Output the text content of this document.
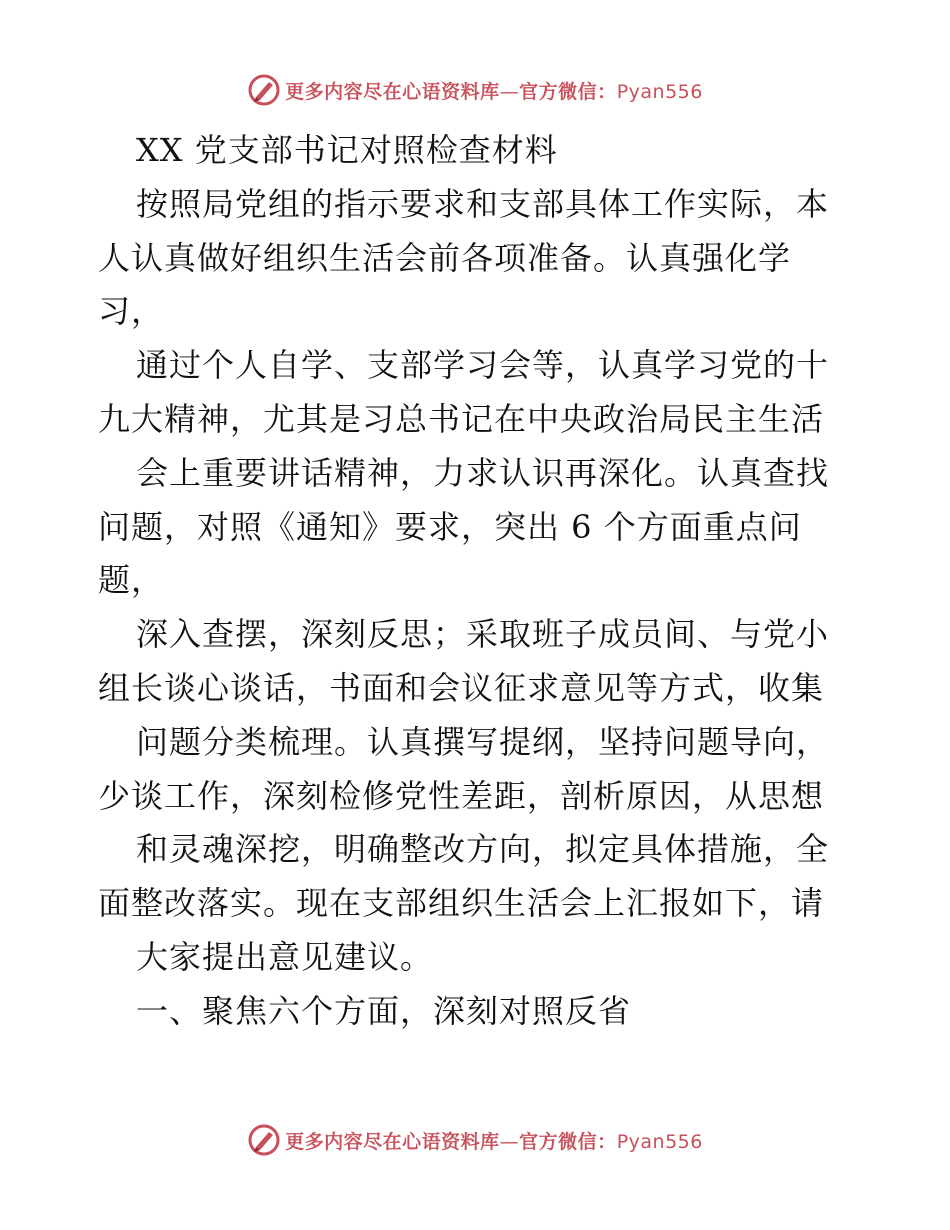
更多内容尽在心语资料库—官方微信：Pyan556
XX 党支部书记对照检查材料
按照局党组的指示要求和支部具体工作实际，本
人认真做好组织生活会前各项准备。认真强化学
习，
通过个人自学、支部学习会等，认真学习党的十
九大精神，尤其是习总书记在中央政治局民主生活
会上重要讲话精神，力求认识再深化。认真查找
问题，对照《通知》要求，突出 6 个方面重点问
题，
深入查摆，深刻反思；采取班子成员间、与党小
组长谈心谈话，书面和会议征求意见等方式，收集
问题分类梳理。认真撰写提纲，坚持问题导向，
少谈工作，深刻检修党性差距，剖析原因，从思想
和灵魂深挖，明确整改方向，拟定具体措施，全
面整改落实。现在支部组织生活会上汇报如下，请
大家提出意见建议。
一、聚焦六个方面，深刻对照反省
更多内容尽在心语资料库—官方微信：Pyan556
